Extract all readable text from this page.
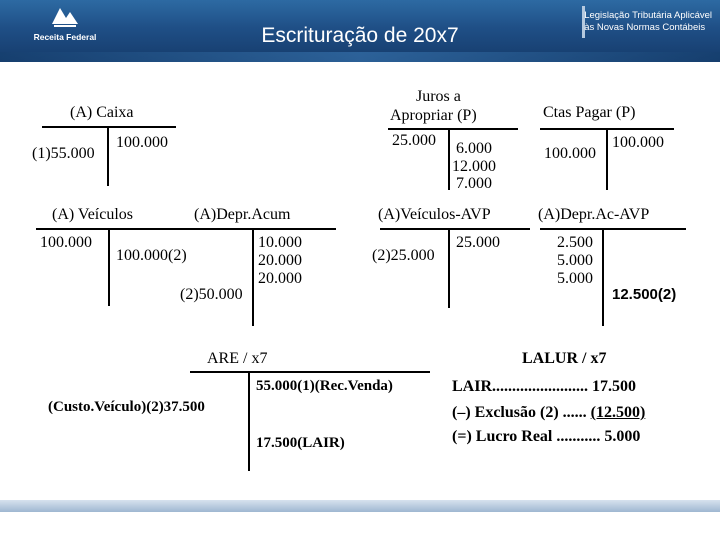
Receita Federal	Escrituração de 20x7
Legislação Tributária Aplicável
às Novas Normas Contábeis
(A) Caixa
(1)55.000
100.000
Juros a
Apropriar (P)
25.000 6.000
12.000
7.000
Ctas Pagar (P)
100.000
100.000
(A) Veículos
100.000
100.000(2)
(A)Depr.Acum
(2)50.000
10.000
20.000
20.000
(A)Veículos-AVP
(2)25.000
25.000
(A)Depr.Ac-AVP
2.500
5.000
5.000
12.500(2)
ARE / x7
(Custo.Veículo)(2)37.500
55.000(1)(Rec.Venda)
17.500(LAIR)
LALUR / x7
LAIR........................ 17.500
(–) Exclusão (2) ...... (12.500)
(=) Lucro Real ........... 5.000
